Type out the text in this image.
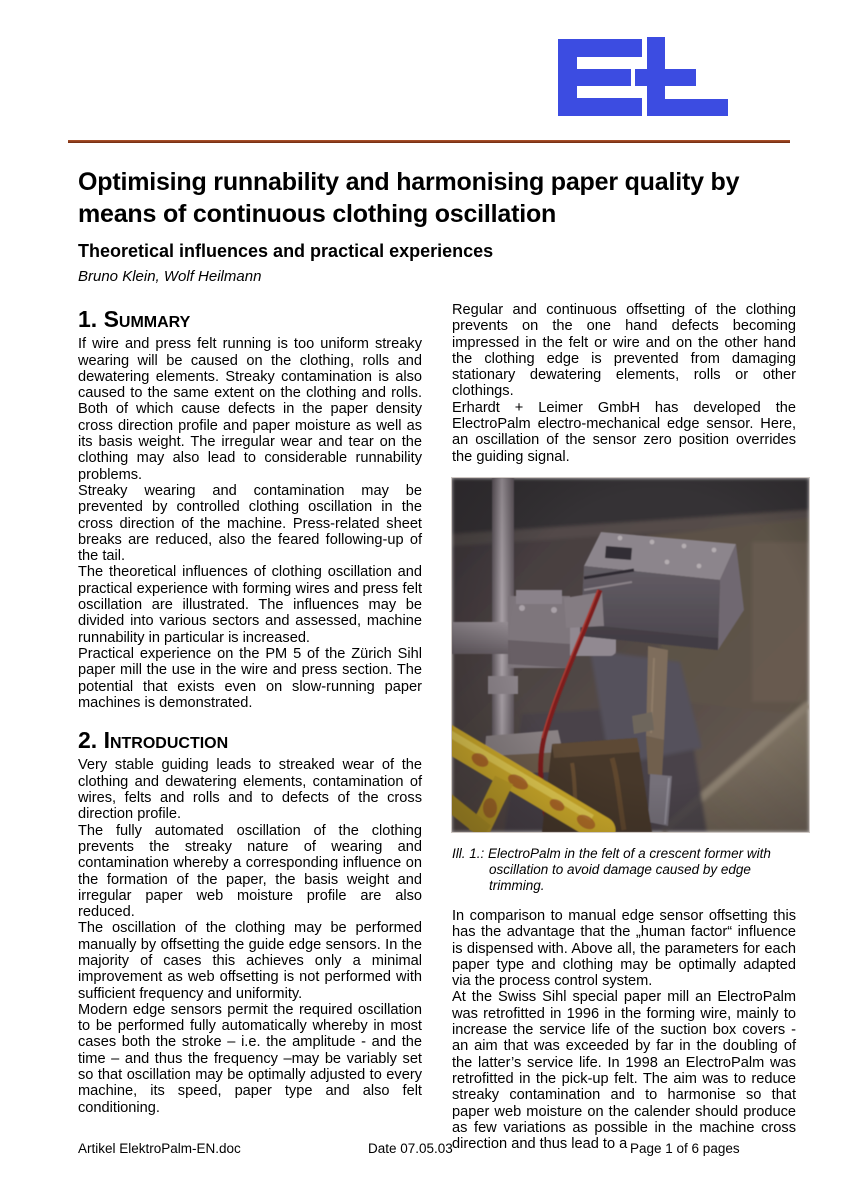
Optimising runnability and harmonising paper quality by means of continuous clothing oscillation
Theoretical influences and practical experiences
Bruno Klein, Wolf Heilmann
1. Summary

If wire and press felt running is too uniform streaky wearing will be caused on the clothing, rolls and dewatering elements. Streaky contamination is also caused to the same extent on the clothing and rolls. Both of which cause defects in the paper density cross direction profile and paper moisture as well as its basis weight. The irregular wear and tear on the clothing may also lead to considerable runnability problems.

Streaky wearing and contamination may be prevented by controlled clothing oscillation in the cross direction of the machine. Press-related sheet breaks are reduced, also the feared following-up of the tail.

The theoretical influences of clothing oscillation and practical experience with forming wires and press felt oscillation are illustrated. The influences may be divided into various sectors and assessed, machine runnability in particular is increased.

Practical experience on the PM 5 of the Zürich Sihl paper mill the use in the wire and press section. The potential that exists even on slow-running paper machines is demonstrated.

2. Introduction

Very stable guiding leads to streaked wear of the clothing and dewatering elements, contamination of wires, felts and rolls and to defects of the cross direction profile.

The fully automated oscillation of the clothing prevents the streaky nature of wearing and contamination whereby a corresponding influence on the formation of the paper, the basis weight and irregular paper web moisture profile are also reduced.

The oscillation of the clothing may be performed manually by offsetting the guide edge sensors. In the majority of cases this achieves only a minimal improvement as web offsetting is not performed with sufficient frequency and uniformity.

Modern edge sensors permit the required oscillation to be performed fully automatically whereby in most cases both the stroke – i.e. the amplitude - and the time – and thus the frequency –may be variably set so that oscillation may be optimally adjusted to every machine, its speed, paper type and also felt conditioning.

Regular and continuous offsetting of the clothing prevents on the one hand defects becoming impressed in the felt or wire and on the other hand the clothing edge is prevented from damaging stationary dewatering elements, rolls or other clothings.

Erhardt + Leimer GmbH has developed the ElectroPalm electro-mechanical edge sensor. Here, an oscillation of the sensor zero position overrides the guiding signal.

Ill. 1.: ElectroPalm in the felt of a crescent former with oscillation to avoid damage caused by edge trimming.

In comparison to manual edge sensor offsetting this has the advantage that the „human factor“ influence is dispensed with. Above all, the parameters for each paper type and clothing may be optimally adapted via the process control system.

At the Swiss Sihl special paper mill an ElectroPalm was retrofitted in 1996 in the forming wire, mainly to increase the service life of the suction box covers - an aim that was exceeded by far in the doubling of the latter’s service life. In 1998 an ElectroPalm was retrofitted in the pick-up felt. The aim was to reduce streaky contamination and to harmonise so that paper web moisture on the calender should produce as few variations as possible in the machine cross direction and thus lead to a

Artikel ElektroPalm-EN.doc	Date 07.05.03	Page 1 of 6 pages
